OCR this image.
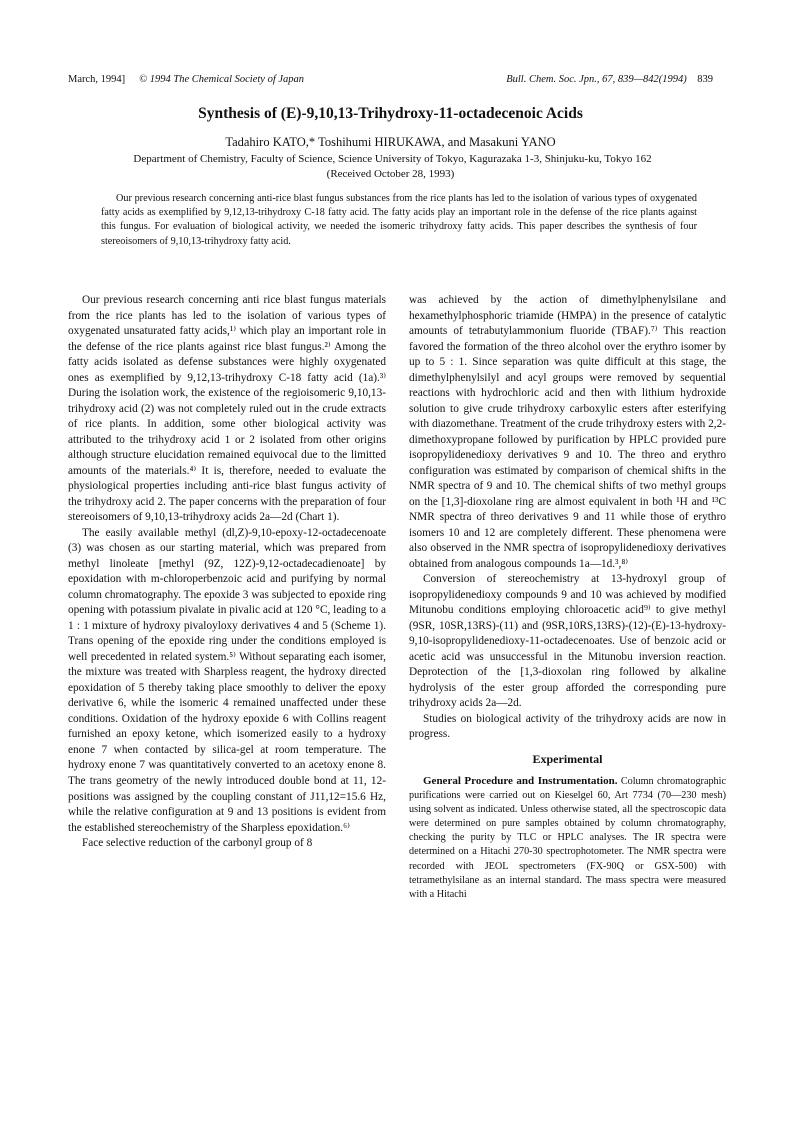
March, 1994] © 1994 The Chemical Society of Japan	Bull. Chem. Soc. Jpn., 67, 839—842(1994) 839
Synthesis of (E)-9,10,13-Trihydroxy-11-octadecenoic Acids
Tadahiro KATO,* Toshihumi HIRUKAWA, and Masakuni YANO
Department of Chemistry, Faculty of Science, Science University of Tokyo, Kagurazaka 1-3, Shinjuku-ku, Tokyo 162
(Received October 28, 1993)

Our previous research concerning anti-rice blast fungus substances from the rice plants has led to the isolation of various types of oxygenated fatty acids as exemplified by 9,12,13-trihydroxy C-18 fatty acid. The fatty acids play an important role in the defense of the rice plants against this fungus. For evaluation of biological activity, we needed the isomeric trihydroxy fatty acids. This paper describes the synthesis of four stereoisomers of 9,10,13-trihydroxy fatty acid.

Our previous research concerning anti rice blast fungus materials from the rice plants has led to the isolation of various types of oxygenated unsaturated fatty acids,¹⁾ which play an important role in the defense of the rice plants against rice blast fungus.²⁾ Among the fatty acids isolated as defense substances were highly oxygenated ones as exemplified by 9,12,13-trihydroxy C-18 fatty acid (1a).³⁾ During the isolation work, the existence of the regioisomeric 9,10,13-trihydroxy acid (2) was not completely ruled out in the crude extracts of rice plants. In addition, some other biological activity was attributed to the trihydroxy acid 1 or 2 isolated from other origins although structure elucidation remained equivocal due to the limitted amounts of the materials.⁴⁾ It is, therefore, needed to evaluate the physiological properties including anti-rice blast fungus activity of the trihydroxy acid 2. The paper concerns with the preparation of four stereoisomers of 9,10,13-trihydroxy acids 2a—2d (Chart 1).

The easily available methyl (dl,Z)-9,10-epoxy-12-octadecenoate (3) was chosen as our starting material, which was prepared from methyl linoleate [methyl (9Z, 12Z)-9,12-octadecadienoate] by epoxidation with m-chloroperbenzoic acid and purifying by normal column chromatography. The epoxide 3 was subjected to epoxide ring opening with potassium pivalate in pivalic acid at 120 °C, leading to a 1 : 1 mixture of hydroxy pivaloyloxy derivatives 4 and 5 (Scheme 1). Trans opening of the epoxide ring under the conditions employed is well precedented in related system.⁵⁾ Without separating each isomer, the mixture was treated with Sharpless reagent, the hydroxy directed epoxidation of 5 thereby taking place smoothly to deliver the epoxy derivative 6, while the isomeric 4 remained unaffected under these conditions. Oxidation of the hydroxy epoxide 6 with Collins reagent furnished an epoxy ketone, which isomerized easily to a hydroxy enone 7 when contacted by silica-gel at room temperature. The hydroxy enone 7 was quantitatively converted to an acetoxy enone 8. The trans geometry of the newly introduced double bond at 11, 12-positions was assigned by the coupling constant of J11,12=15.6 Hz, while the relative configuration at 9 and 13 positions is evident from the established stereochemistry of the Sharpless epoxidation.⁶⁾

Face selective reduction of the carbonyl group of 8

was achieved by the action of dimethylphenylsilane and hexamethylphosphoric triamide (HMPA) in the presence of catalytic amounts of tetrabutylammonium fluoride (TBAF).⁷⁾ This reaction favored the formation of the threo alcohol over the erythro isomer by up to 5 : 1. Since separation was quite difficult at this stage, the dimethylphenylsilyl and acyl groups were removed by sequential reactions with hydrochloric acid and then with lithium hydroxide solution to give crude trihydroxy carboxylic esters after esterifying with diazomethane. Treatment of the crude trihydroxy esters with 2,2-dimethoxypropane followed by purification by HPLC provided pure isopropylidenedioxy derivatives 9 and 10. The threo and erythro configuration was estimated by comparison of chemical shifts in the NMR spectra of 9 and 10. The chemical shifts of two methyl groups on the [1,3]-dioxolane ring are almost equivalent in both ¹H and ¹³C NMR spectra of threo derivatives 9 and 11 while those of erythro isomers 10 and 12 are completely different. These phenomena were also observed in the NMR spectra of isopropylidenedioxy derivatives obtained from analogous compounds 1a—1d.³,⁸⁾

Conversion of stereochemistry at 13-hydroxyl group of isopropylidenedioxy compounds 9 and 10 was achieved by modified Mitunobu conditions employing chloroacetic acid⁹⁾ to give methyl (9SR, 10SR,13RS)-(11) and (9SR,10RS,13RS)-(12)-(E)-13-hydroxy-9,10-isopropylidenedioxy-11-octadecenoates. Use of benzoic acid or acetic acid was unsuccessful in the Mitunobu inversion reaction. Deprotection of the [1,3-dioxolan ring followed by alkaline hydrolysis of the ester group afforded the corresponding pure trihydroxy acids 2a—2d.

Studies on biological activity of the trihydroxy acids are now in progress.

Experimental

General Procedure and Instrumentation. Column chromatographic purifications were carried out on Kieselgel 60, Art 7734 (70—230 mesh) using solvent as indicated. Unless otherwise stated, all the spectroscopic data were determined on pure samples obtained by column chromatography, checking the purity by TLC or HPLC analyses. The IR spectra were determined on a Hitachi 270-30 spectrophotometer. The NMR spectra were recorded with JEOL spectrometers (FX-90Q or GSX-500) with tetramethylsilane as an internal standard. The mass spectra were measured with a Hitachi
